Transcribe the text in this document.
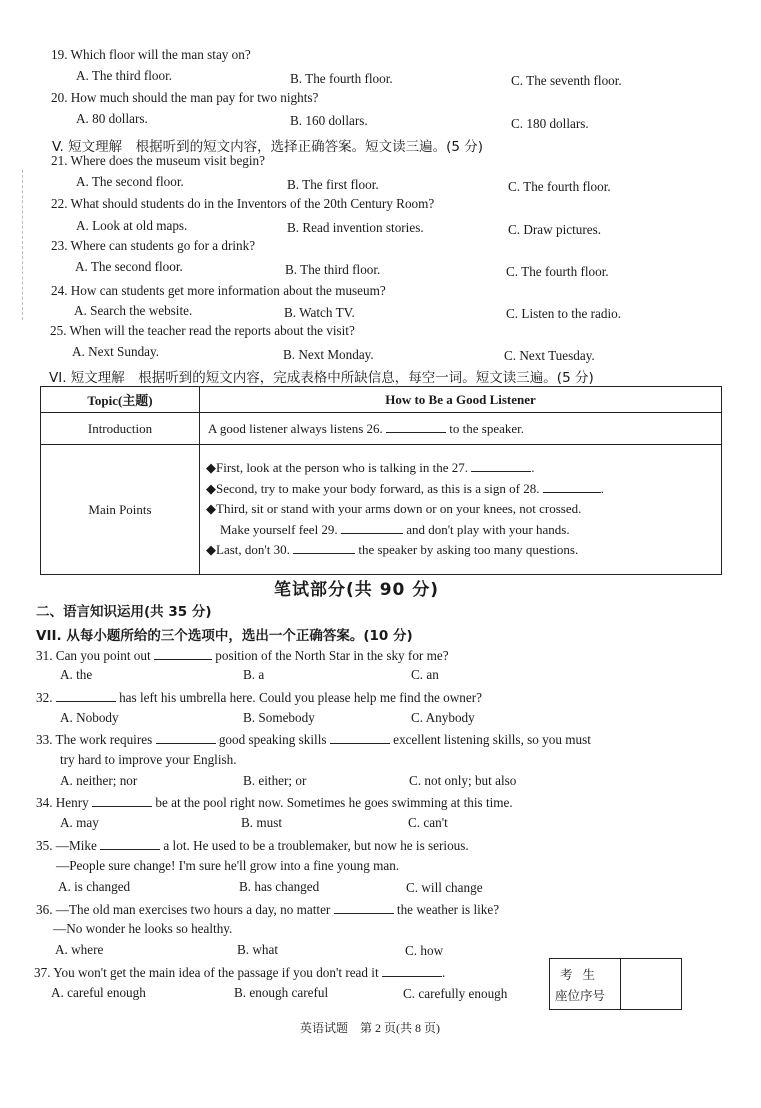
19. Which floor will the man stay on?
A. The third floor.	B. The fourth floor.	C. The seventh floor.
20. How much should the man pay for two nights?
A. 80 dollars.	B. 160 dollars.	C. 180 dollars.
V. 短文理解　根据听到的短文内容，选择正确答案。短文读三遍。(5 分)
21. Where does the museum visit begin?
A. The second floor.	B. The first floor.	C. The fourth floor.
22. What should students do in the Inventors of the 20th Century Room?
A. Look at old maps.	B. Read invention stories.	C. Draw pictures.
23. Where can students go for a drink?
A. The second floor.	B. The third floor.	C. The fourth floor.
24. How can students get more information about the museum?
A. Search the website.	B. Watch TV.	C. Listen to the radio.
25. When will the teacher read the reports about the visit?
A. Next Sunday.	B. Next Monday.	C. Next Tuesday.
VI. 短文理解　根据听到的短文内容，完成表格中所缺信息，每空一词。短文读三遍。(5 分)
Topic(主题)	How to Be a Good Listener
Introduction	A good listener always listens 26. to the speaker.
Main Points	◆First, look at the person who is talking in the 27. .
◆Second, try to make your body forward, as this is a sign of 28. .
◆Third, sit or stand with your arms down or on your knees, not crossed.
Make yourself feel 29. and don't play with your hands.
◆Last, don't 30. the speaker by asking too many questions.
笔试部分(共 90 分)
二、语言知识运用(共 35 分)
VII. 从每小题所给的三个选项中，选出一个正确答案。(10 分)
31. Can you point out	position of the North Star in the sky for me?
A. the	B. a	C. an
32.	has left his umbrella here. Could you please help me find the owner?
A. Nobody	B. Somebody	C. Anybody
33. The work requires	good speaking skills	excellent listening skills, so you must
try hard to improve your English.
A. neither; nor	B. either; or	C. not only; but also
34. Henry	be at the pool right now. Sometimes he goes swimming at this time.
A. may	B. must	C. can't
35. —Mike	a lot. He used to be a troublemaker, but now he is serious.
—People sure change! I'm sure he'll grow into a fine young man.
A. is changed	B. has changed	C. will change
36. —The old man exercises two hours a day, no matter	the weather is like?
—No wonder he looks so healthy.
A. where	B. what	C. how
37. You won't get the main idea of the passage if you don't read it	.
A. careful enough	B. enough careful	C. carefully enough
考生
座位序号
英语试题　第 2 页(共 8 页)
